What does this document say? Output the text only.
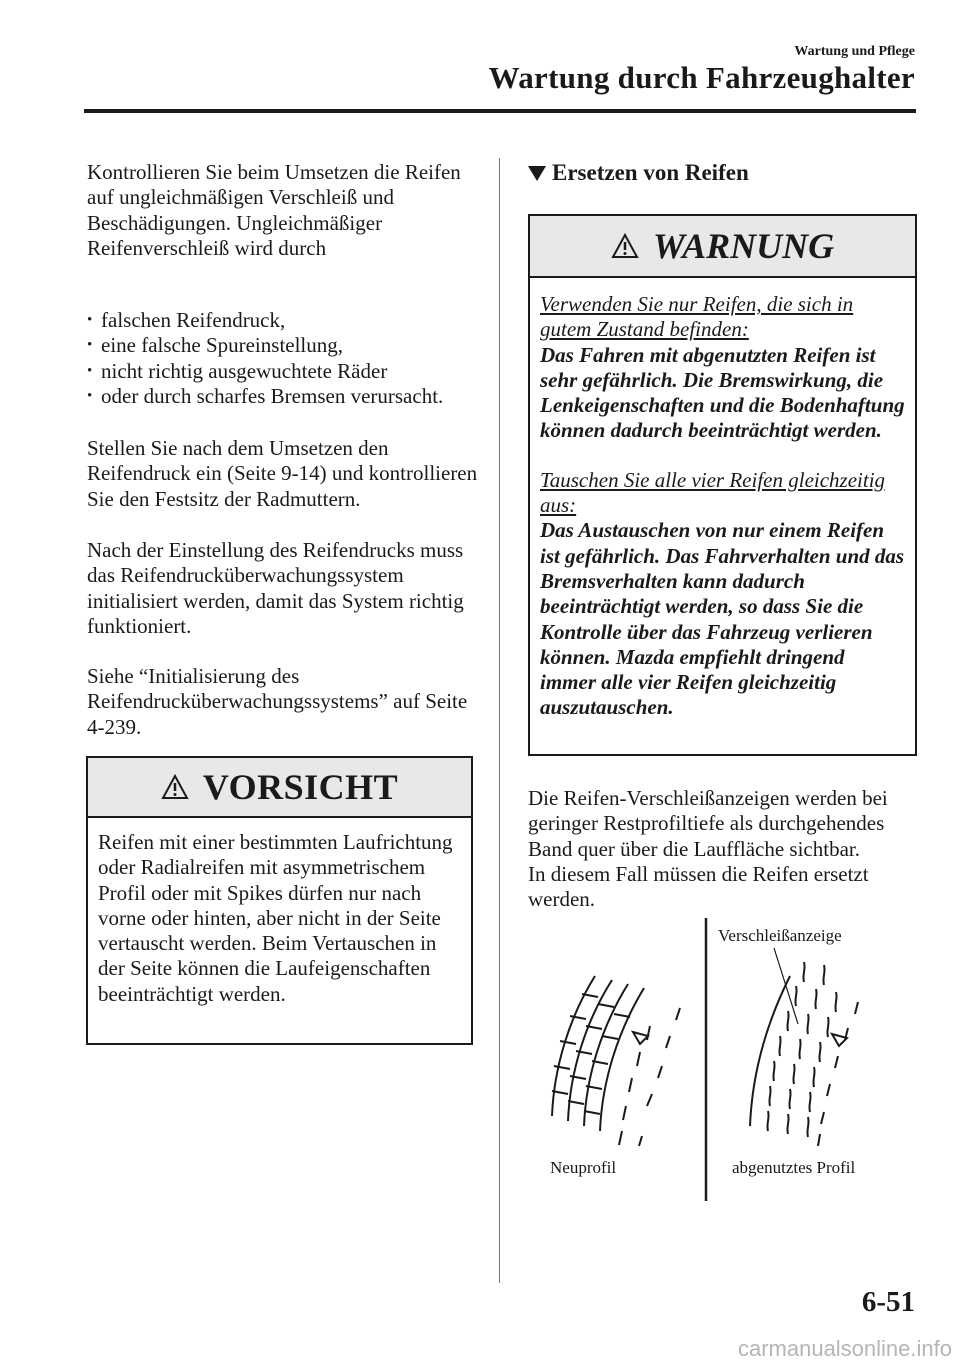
Wartung und Pflege
Wartung durch Fahrzeughalter
Kontrollieren Sie beim Umsetzen die Reifen auf ungleichmäßigen Verschleiß und Beschädigungen. Ungleichmäßiger Reifenverschleiß wird durch
• falschen Reifendruck,
• eine falsche Spureinstellung,
• nicht richtig ausgewuchtete Räder
• oder durch scharfes Bremsen verursacht.
Stellen Sie nach dem Umsetzen den Reifendruck ein (Seite 9-14) und kontrollieren Sie den Festsitz der Radmuttern.
Nach der Einstellung des Reifendrucks muss das Reifendrucküberwachungssystem initialisiert werden, damit das System richtig funktioniert.
Siehe “Initialisierung des Reifendrucküberwachungssystems” auf Seite 4-239.
VORSICHT
Reifen mit einer bestimmten Laufrichtung oder Radialreifen mit asymmetrischem Profil oder mit Spikes dürfen nur nach vorne oder hinten, aber nicht in der Seite vertauscht werden. Beim Vertauschen in der Seite können die Laufeigenschaften beeinträchtigt werden.
Ersetzen von Reifen
WARNUNG

Verwenden Sie nur Reifen, die sich in gutem Zustand befinden:

Das Fahren mit abgenutzten Reifen ist sehr gefährlich. Die Bremswirkung, die Lenkeigenschaften und die Bodenhaftung können dadurch beeinträchtigt werden.

Tauschen Sie alle vier Reifen gleichzeitig aus:

Das Austauschen von nur einem Reifen ist gefährlich. Das Fahrverhalten und das Bremsverhalten kann dadurch beeinträchtigt werden, so dass Sie die Kontrolle über das Fahrzeug verlieren können. Mazda empfiehlt dringend immer alle vier Reifen gleichzeitig auszutauschen.

Die Reifen-Verschleißanzeigen werden bei geringer Restprofiltiefe als durchgehendes Band quer über die Lauffläche sichtbar.
In diesem Fall müssen die Reifen ersetzt werden.
Verschleißanzeige
Neuprofil	abgenutztes Profil
6-51
carmanualsonline.info
